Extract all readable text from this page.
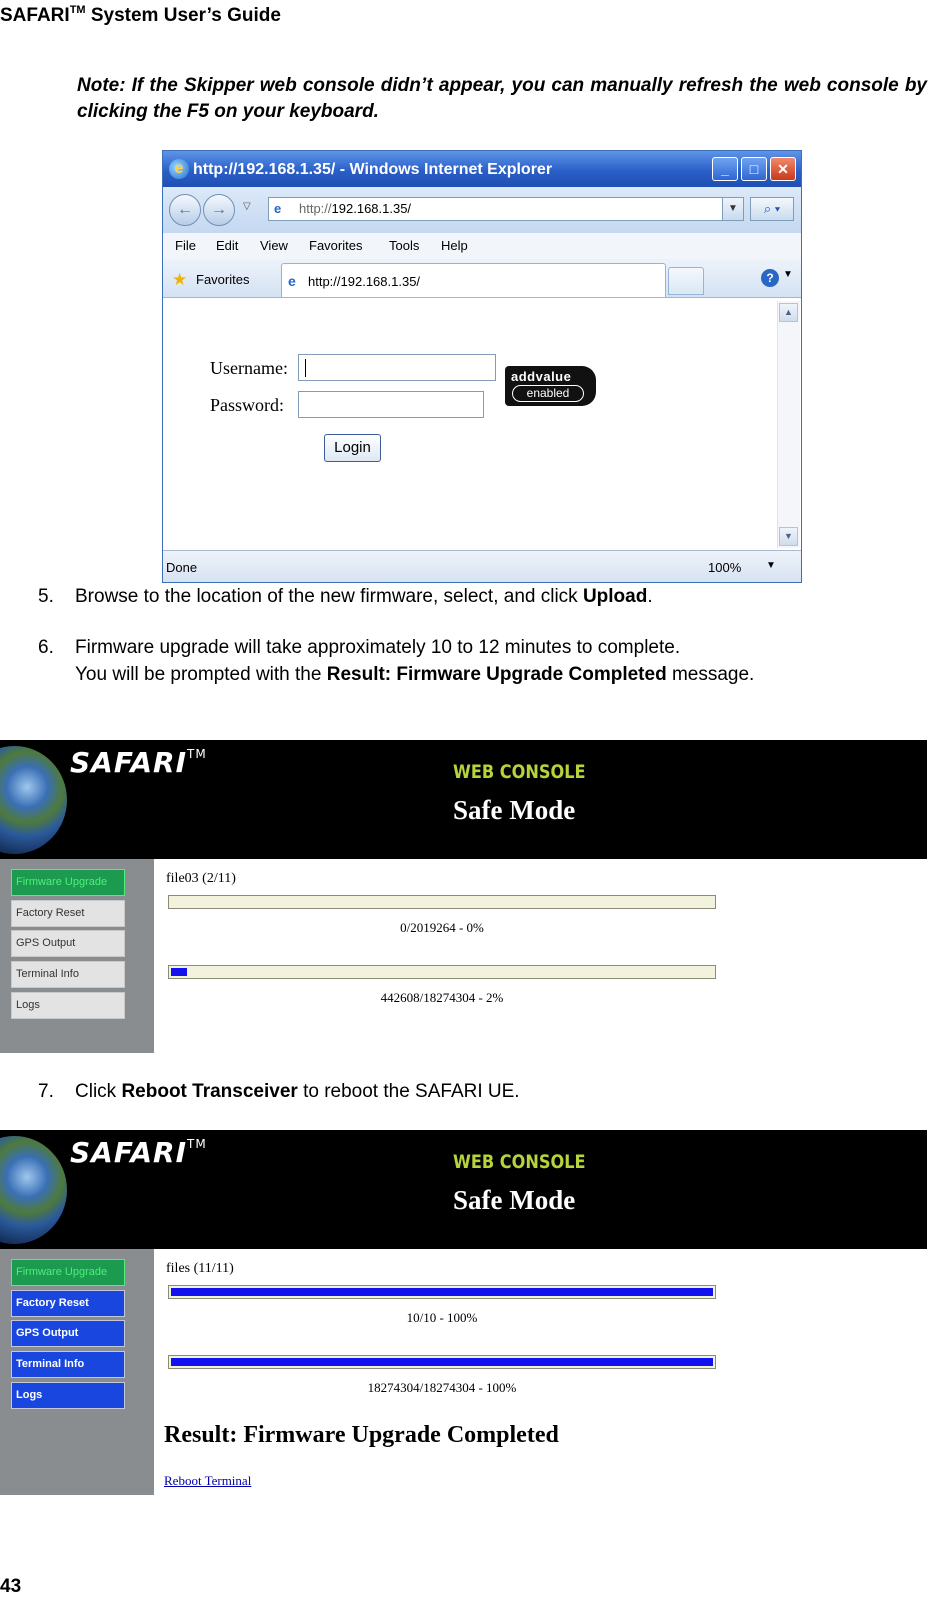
SAFARI™ System User’s Guide
Note: If the Skipper web console didn’t appear, you can manually refresh the web console by clicking the F5 on your keyboard.
e http://192.168.1.35/ - Windows Internet Explorer	_	□	✕
←	→	▽ e	http://192.168.1.35/	▼	⌕ ▾
File Edit View Favorites Tools Help
★ Favorites	e http://192.168.1.35/	? ▼
Username:
Password:
Login
addvalue
enabled
▲
▼
Done	100% ▼
5. Browse to the location of the new firmware, select, and click Upload.
6. Firmware upgrade will take approximately 10 to 12 minutes to complete.
You will be prompted with the Result: Firmware Upgrade Completed message.
SAFARI™
WEB CONSOLE
Safe Mode
Firmware Upgrade
Factory Reset
GPS Output
Terminal Info
Logs
file03 (2/11)
0/2019264 - 0%
442608/18274304 - 2%
7. Click Reboot Transceiver to reboot the SAFARI UE.
SAFARI™
WEB CONSOLE
Safe Mode
Firmware Upgrade
Factory Reset
GPS Output
Terminal Info
Logs
files (11/11)
10/10 - 100%
18274304/18274304 - 100%
Result: Firmware Upgrade Completed
Reboot Terminal
43
